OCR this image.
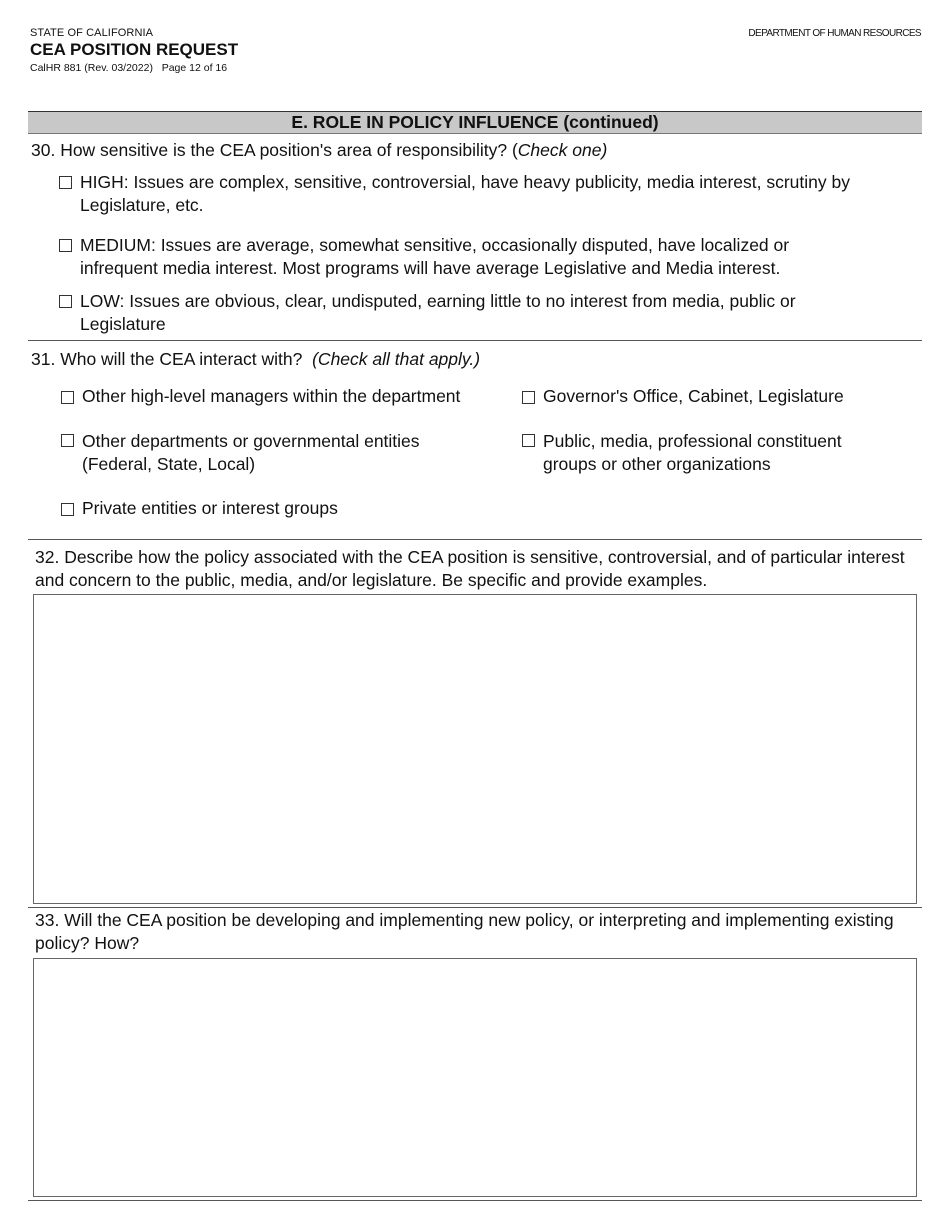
STATE OF CALIFORNIA
CEA POSITION REQUEST
CalHR 881 (Rev. 03/2022)   Page 12 of 16
DEPARTMENT OF HUMAN RESOURCES
E. ROLE IN POLICY INFLUENCE (continued)
30. How sensitive is the CEA position's area of responsibility? (Check one)
HIGH: Issues are complex, sensitive, controversial, have heavy publicity, media interest, scrutiny by Legislature, etc.
MEDIUM: Issues are average, somewhat sensitive, occasionally disputed, have localized or infrequent media interest. Most programs will have average Legislative and Media interest.
LOW: Issues are obvious, clear, undisputed, earning little to no interest from media, public or Legislature
31. Who will the CEA interact with? (Check all that apply.)
Other high-level managers within the department	Governor's Office, Cabinet, Legislature
Other departments or governmental entities (Federal, State, Local)
Public, media, professional constituent groups or other organizations
Private entities or interest groups
32. Describe how the policy associated with the CEA position is sensitive, controversial, and of particular interest and concern to the public, media, and/or legislature. Be specific and provide examples.
33. Will the CEA position be developing and implementing new policy, or interpreting and implementing existing policy? How?
